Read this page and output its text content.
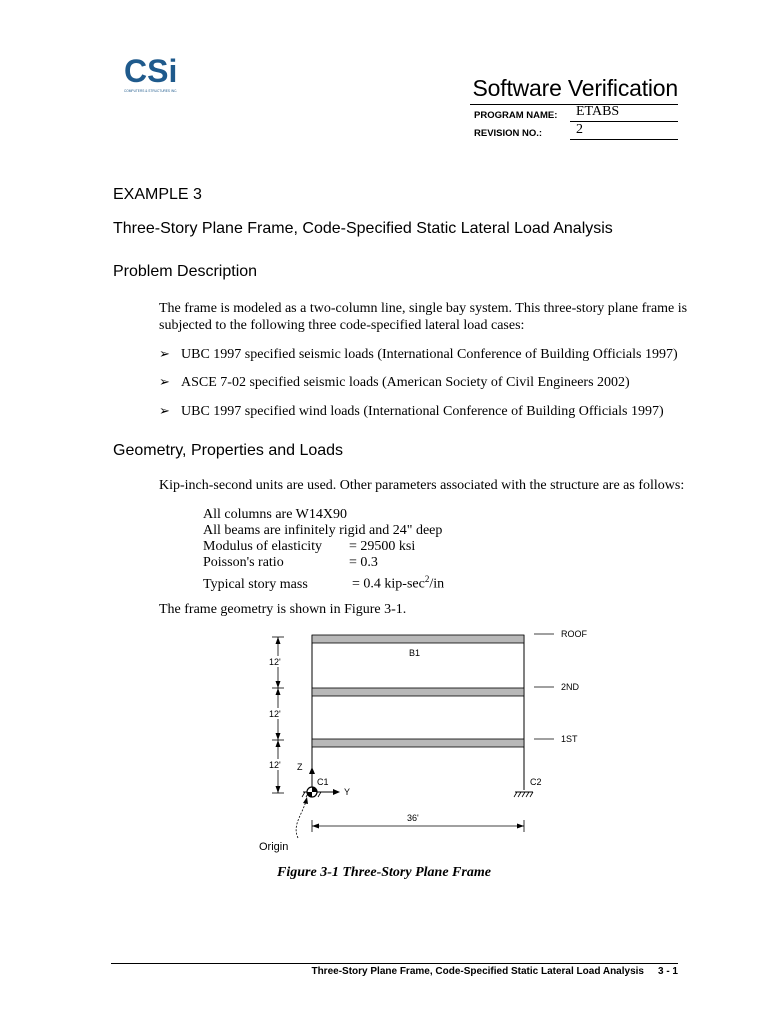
CSi
COMPUTERS & STRUCTURES INC.	Software Verification
PROGRAM NAME: ETABS
REVISION NO.: 2
EXAMPLE 3
Three-Story Plane Frame, Code-Specified Static Lateral Load Analysis
Problem Description
The frame is modeled as a two-column line, single bay system. This three-story plane frame is subjected to the following three code-specified lateral load cases:
➢ UBC 1997 specified seismic loads (International Conference of Building Officials 1997)
➢ ASCE 7-02 specified seismic loads (American Society of Civil Engineers 2002)
➢ UBC 1997 specified wind loads (International Conference of Building Officials 1997)
Geometry, Properties and Loads
Kip-inch-second units are used. Other parameters associated with the structure are as follows:
All columns are W14X90
All beams are infinitely rigid and 24" deep
Modulus of elasticity = 29500 ksi
Poisson's ratio	= 0.3
Typical story mass	= 0.4 kip-$\sec^2/in$
The frame geometry is shown in Figure 3-1.
ROOF
2ND
1ST
B1
12'
12'
12'
C1	C2
Z
Y
36'
Origin
Figure 3-1 Three-Story Plane Frame
Three-Story Plane Frame, Code-Specified Static Lateral Load Analysis 3 - 1
